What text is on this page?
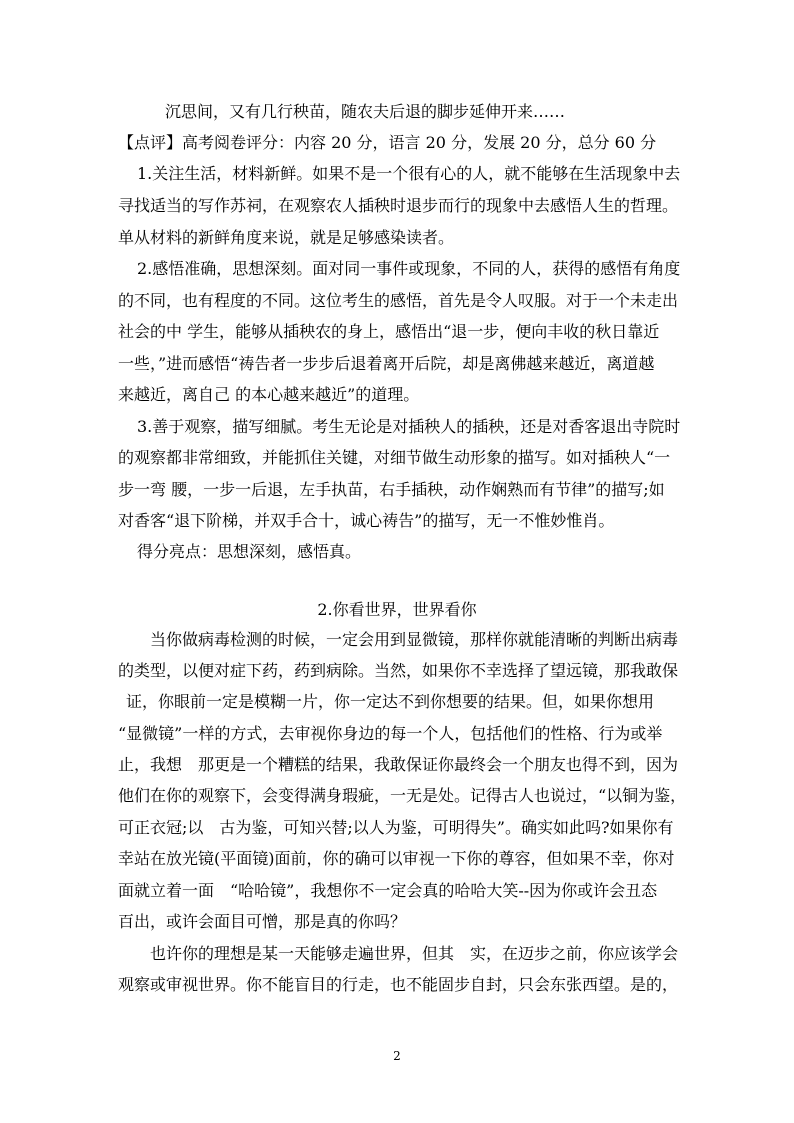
沉思间，又有几行秧苗，随农夫后退的脚步延伸开来……
【点评】高考阅卷评分：内容 20 分，语言 20 分，发展 20 分，总分 60 分
1.关注生活，材料新鲜。如果不是一个很有心的人，就不能够在生活现象中去
寻找适当的写作苏祠，在观察农人插秧时退步而行的现象中去感悟人生的哲理。
单从材料的新鲜角度来说，就是足够感染读者。
2.感悟准确，思想深刻。面对同一事件或现象，不同的人，获得的感悟有角度
的不同，也有程度的不同。这位考生的感悟，首先是令人叹服。对于一个未走出
社会的中 学生，能够从插秧农的身上，感悟出“退一步，便向丰收的秋日靠近
一些，”进而感悟“祷告者一步步后退着离开后院，却是离佛越来越近，离道越
来越近，离自己 的本心越来越近”的道理。
3.善于观察，描写细腻。考生无论是对插秧人的插秧，还是对香客退出寺院时
的观察都非常细致，并能抓住关键，对细节做生动形象的描写。如对插秧人“一
步一弯 腰，一步一后退，左手执苗，右手插秧，动作娴熟而有节律”的描写;如
对香客“退下阶梯，并双手合十，诚心祷告”的描写，无一不惟妙惟肖。
得分亮点：思想深刻，感悟真。
2.你看世界，世界看你
当你做病毒检测的时候，一定会用到显微镜，那样你就能清晰的判断出病毒
的类型，以便对症下药，药到病除。当然，如果你不幸选择了望远镜，那我敢保
证，你眼前一定是模糊一片，你一定达不到你想要的结果。但，如果你想用
“显微镜”一样的方式，去审视你身边的每一个人，包括他们的性格、行为或举
止，我想　那更是一个糟糕的结果，我敢保证你最终会一个朋友也得不到，因为
他们在你的观察下，会变得满身瑕疵，一无是处。记得古人也说过，“以铜为鉴，
可正衣冠;以　古为鉴，可知兴替;以人为鉴，可明得失”。确实如此吗?如果你有
幸站在放光镜(平面镜)面前，你的确可以审视一下你的尊容，但如果不幸，你对
面就立着一面　“哈哈镜”，我想你不一定会真的哈哈大笑--因为你或许会丑态
百出，或许会面目可憎，那是真的你吗？
也许你的理想是某一天能够走遍世界，但其　实，在迈步之前，你应该学会
观察或审视世界。你不能盲目的行走，也不能固步自封，只会东张西望。是的，
2
